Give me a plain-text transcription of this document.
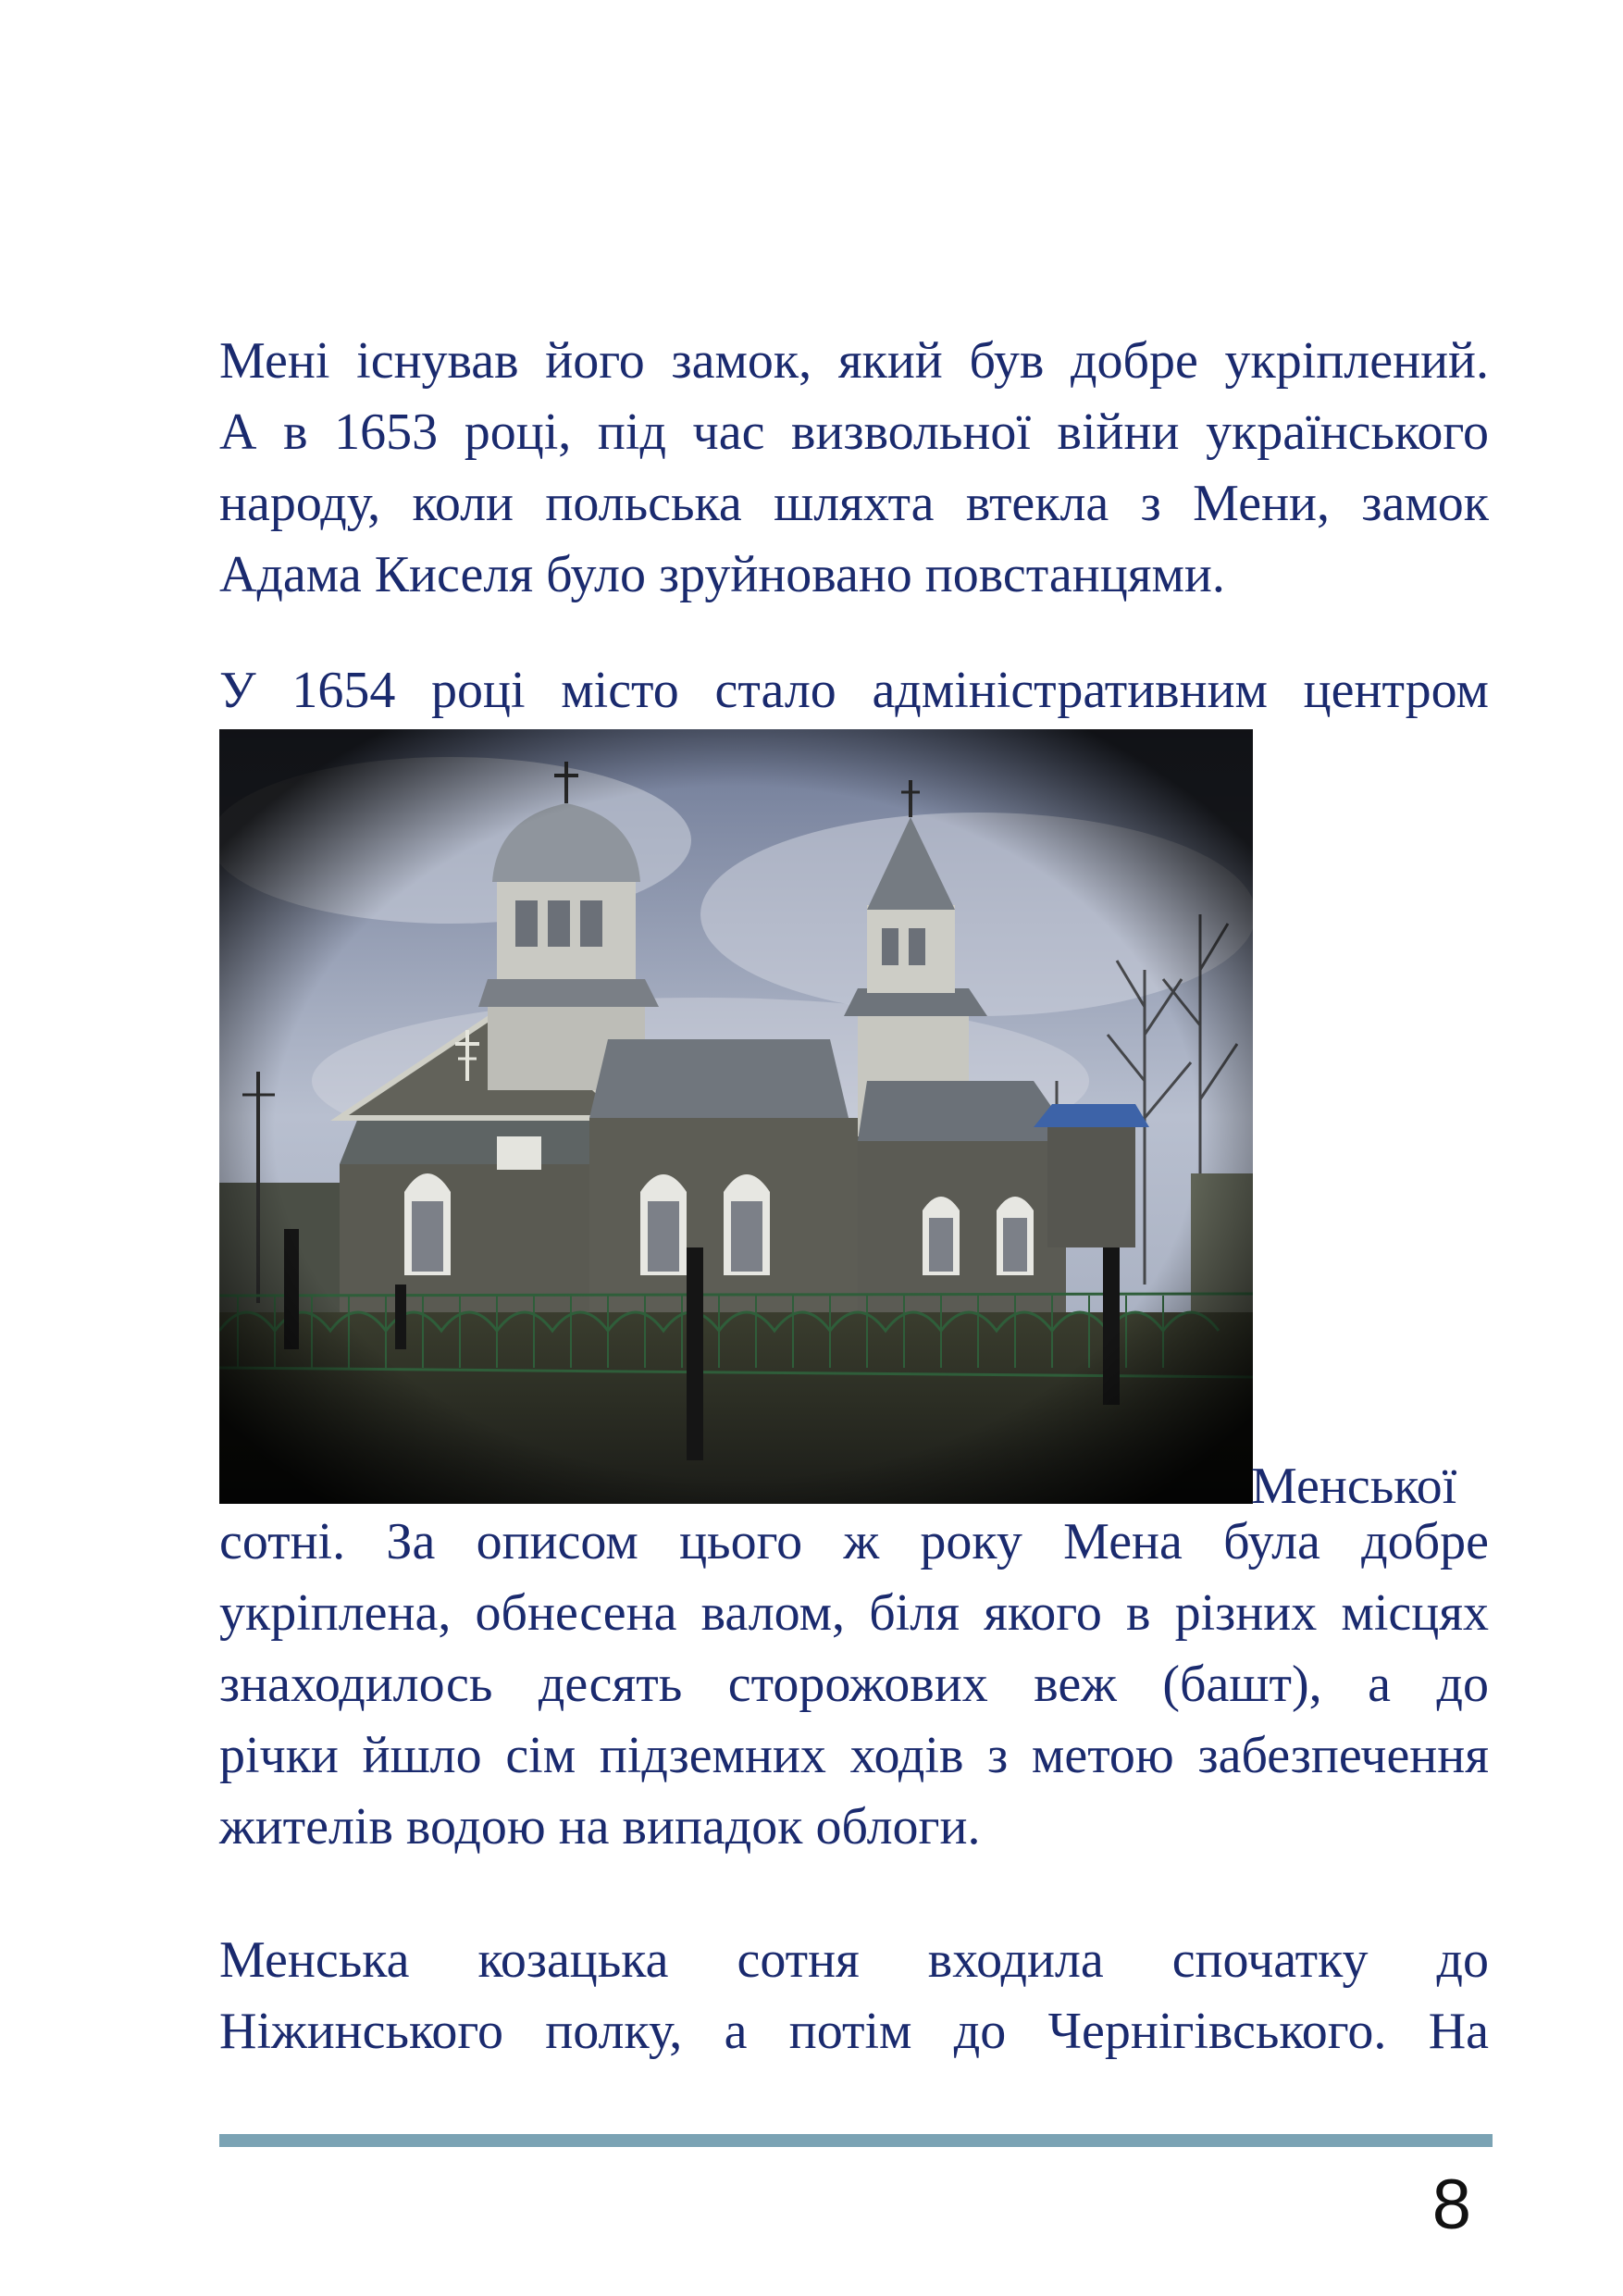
Мені існував його замок, який був добре укріплений.
А в 1653 році, під час визвольної війни українського
народу, коли польська шляхта втекла з Мени, замок
Адама Киселя було зруйновано повстанцями.
У 1654 році місто стало адміністративним центром
Менської
сотні. За описом цього ж року Мена була добре
укріплена, обнесена валом, біля якого в різних місцях
знаходилось десять сторожових веж (башт), а до
річки йшло сім підземних ходів з метою забезпечення
жителів водою на випадок облоги.
Менська козацька сотня входила спочатку до
Ніжинського полку, а потім до Чернігівського. На
8
